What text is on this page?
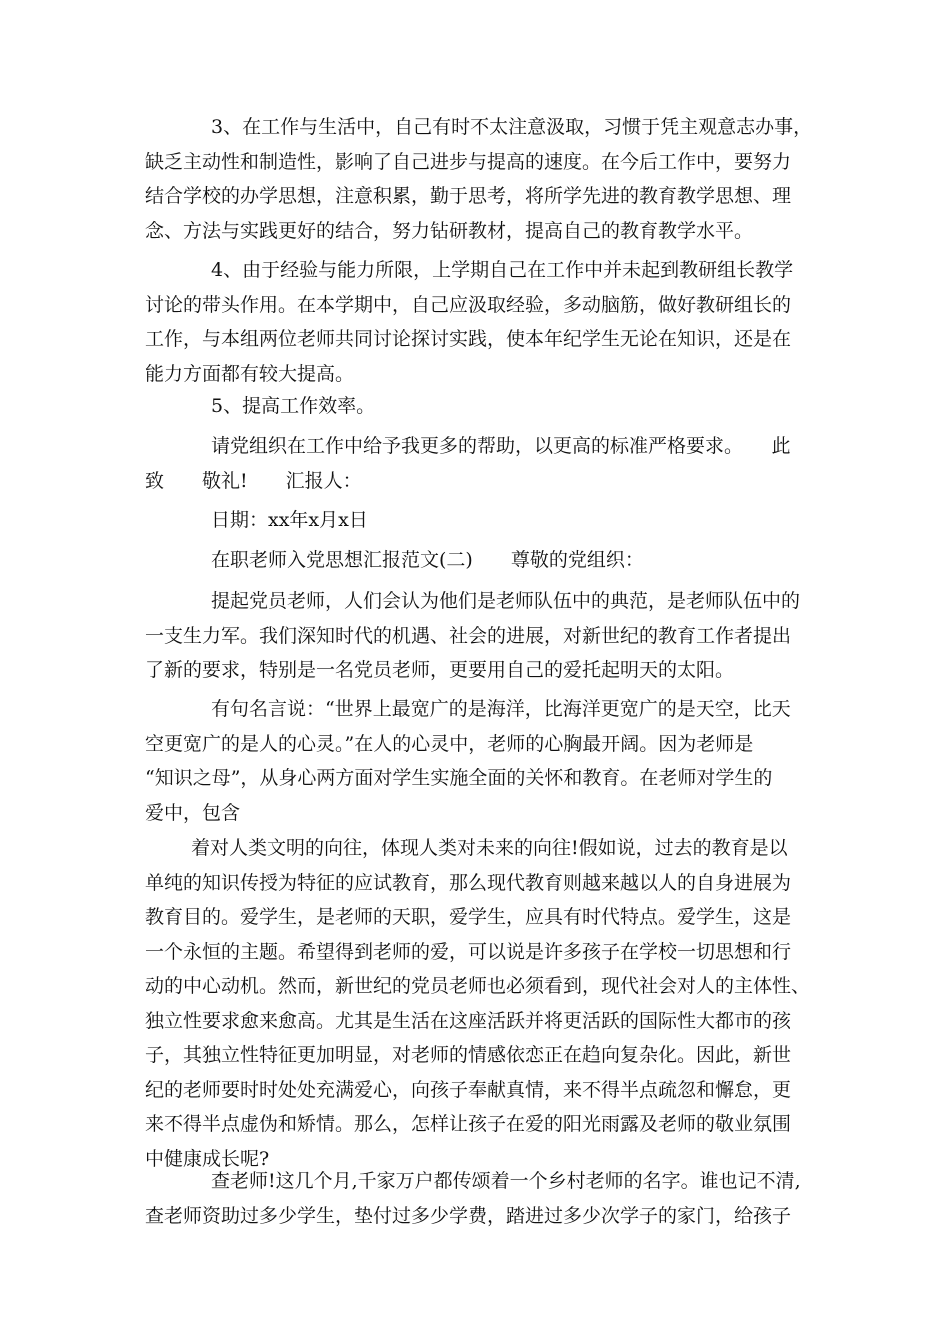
3、在工作与生活中，自己有时不太注意汲取，习惯于凭主观意志办事，
缺乏主动性和制造性，影响了自己进步与提高的速度。在今后工作中，要努力
结合学校的办学思想，注意积累，勤于思考，将所学先进的教育教学思想、理
念、方法与实践更好的结合，努力钻研教材，提高自己的教育教学水平。
4、由于经验与能力所限，上学期自己在工作中并未起到教研组长教学
讨论的带头作用。在本学期中，自己应汲取经验，多动脑筋，做好教研组长的
工作，与本组两位老师共同讨论探讨实践，使本年纪学生无论在知识，还是在
能力方面都有较大提高。
5、提高工作效率。
请党组织在工作中给予我更多的帮助，以更高的标准严格要求。　　此
致　　敬礼!　　汇报人：
日期：xx年x月x日
在职老师入党思想汇报范文(二)　　尊敬的党组织：
提起党员老师，人们会认为他们是老师队伍中的典范，是老师队伍中的
一支生力军。我们深知时代的机遇、社会的进展，对新世纪的教育工作者提出
了新的要求，特别是一名党员老师，更要用自己的爱托起明天的太阳。
有句名言说：“世界上最宽广的是海洋，比海洋更宽广的是天空，比天
空更宽广的是人的心灵。”在人的心灵中，老师的心胸最开阔。因为老师是
“知识之母”，从身心两方面对学生实施全面的关怀和教育。在老师对学生的
爱中，包含
着对人类文明的向往，体现人类对未来的向往!假如说，过去的教育是以
单纯的知识传授为特征的应试教育，那么现代教育则越来越以人的自身进展为
教育目的。爱学生，是老师的天职，爱学生，应具有时代特点。爱学生，这是
一个永恒的主题。希望得到老师的爱，可以说是许多孩子在学校一切思想和行
动的中心动机。然而，新世纪的党员老师也必须看到，现代社会对人的主体性、
独立性要求愈来愈高。尤其是生活在这座活跃并将更活跃的国际性大都市的孩
子，其独立性特征更加明显，对老师的情感依恋正在趋向复杂化。因此，新世
纪的老师要时时处处充满爱心，向孩子奉献真情，来不得半点疏忽和懈怠，更
来不得半点虚伪和矫情。那么，怎样让孩子在爱的阳光雨露及老师的敬业氛围
中健康成长呢?
查老师!这几个月,千家万户都传颂着一个乡村老师的名字。谁也记不清,
查老师资助过多少学生，垫付过多少学费，踏进过多少次学子的家门，给孩子
